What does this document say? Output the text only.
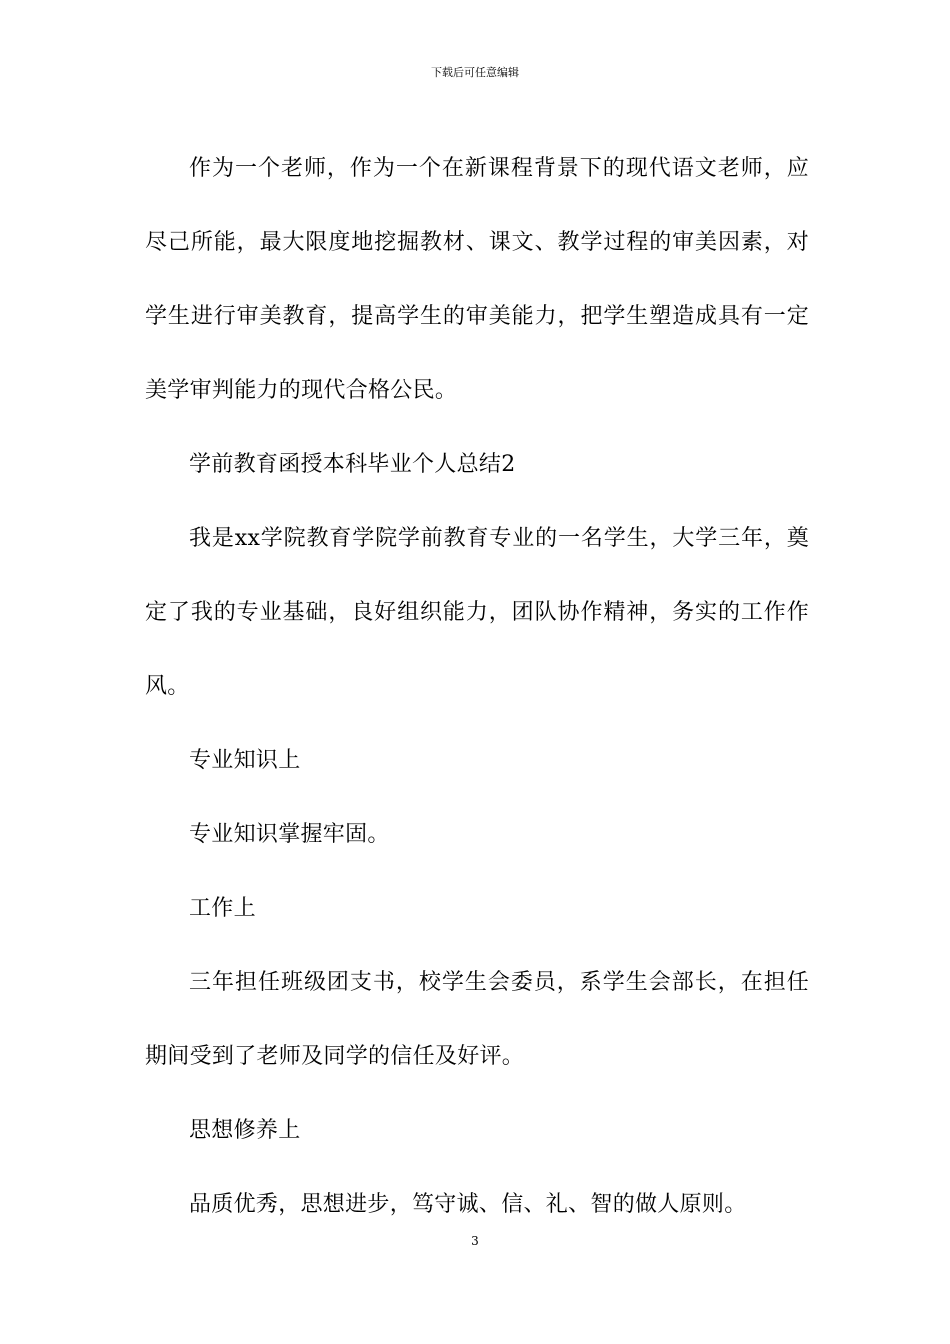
下载后可任意编辑

作为一个老师，作为一个在新课程背景下的现代语文老师，应尽己所能，最大限度地挖掘教材、课文、教学过程的审美因素，对学生进行审美教育，提高学生的审美能力，把学生塑造成具有一定美学审判能力的现代合格公民。

学前教育函授本科毕业个人总结2

我是xx学院教育学院学前教育专业的一名学生，大学三年，奠定了我的专业基础，良好组织能力，团队协作精神，务实的工作作风。

专业知识上

专业知识掌握牢固。

工作上

三年担任班级团支书，校学生会委员，系学生会部长，在担任期间受到了老师及同学的信任及好评。

思想修养上

品质优秀，思想进步，笃守诚、信、礼、智的做人原则。

3
